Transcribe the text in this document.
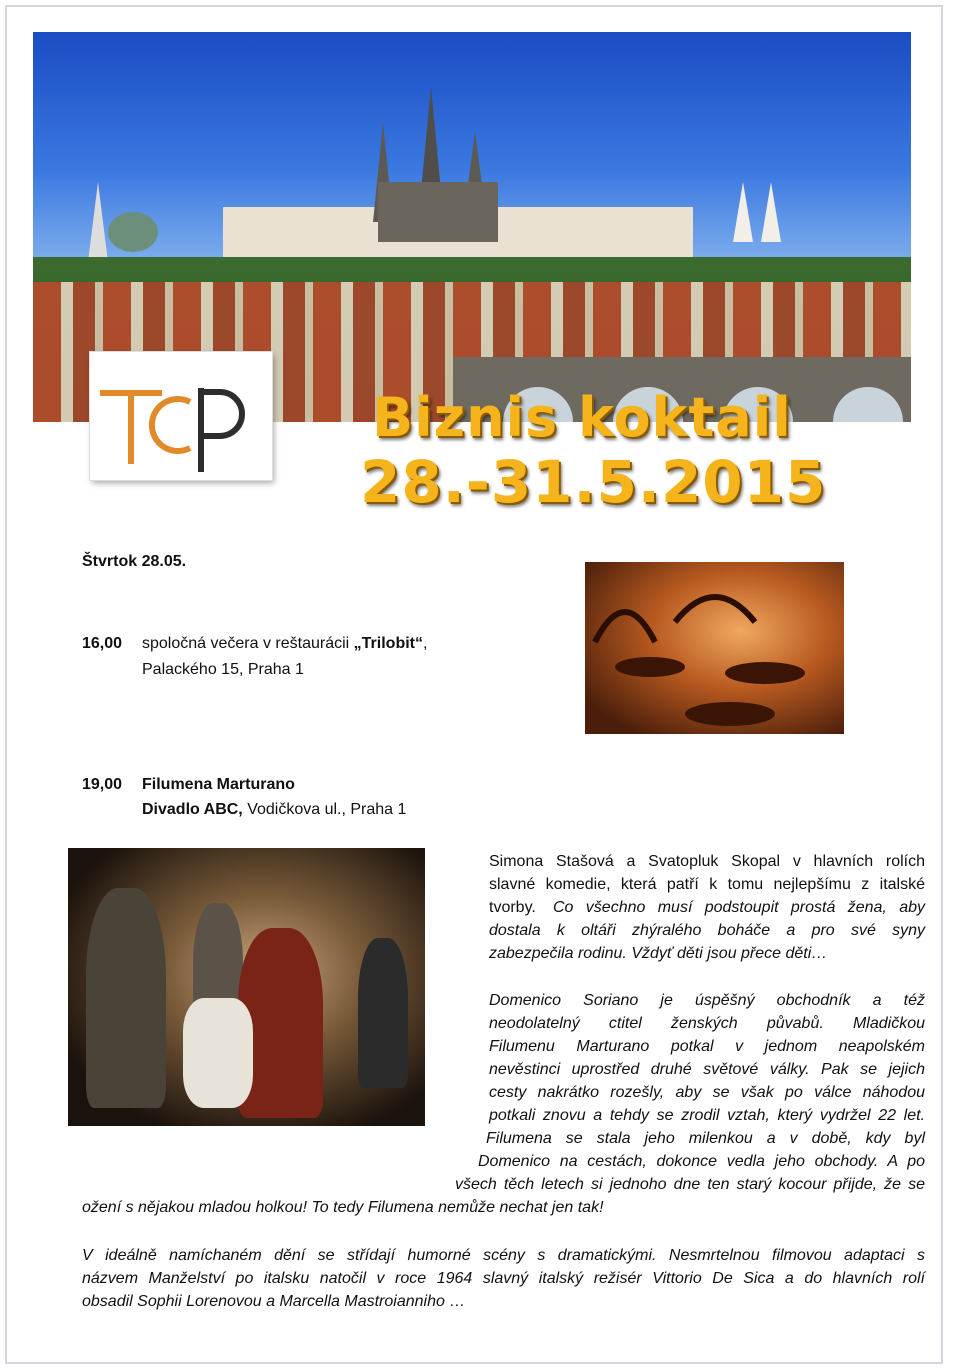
Biznis koktail
28.-31.5.2015
Štvrtok 28.05.
16,00 spoločná večera v reštaurácii „Trilobit“,
Palackého 15, Praha 1
19,00 Filumena Marturano
Divadlo ABC, Vodičkova ul., Praha 1
Simona Stašová a Svatopluk Skopal v hlavních rolích
slavné komedie, která patří k tomu nejlepšímu z italské
tvorby. Co všechno musí podstoupit prostá žena, aby
dostala k oltáři zhýralého boháče a pro své syny
zabezpečila rodinu. Vždyť děti jsou přece děti…
Domenico Soriano je úspěšný obchodník a též
neodolatelný ctitel ženských půvabů. Mladičkou
Filumenu Marturano potkal v jednom neapolském
nevěstinci uprostřed druhé světové války. Pak se jejich
cesty nakrátko rozešly, aby se však po válce náhodou
potkali znovu a tehdy se zrodil vztah, který vydržel 22 let.
Filumena se stala jeho milenkou a v době, kdy byl
Domenico na cestách, dokonce vedla jeho obchody. A po
všech těch letech si jednoho dne ten starý kocour přijde, že se
ožení s nějakou mladou holkou! To tedy Filumena nemůže nechat jen tak!
V ideálně namíchaném dění se střídají humorné scény s dramatickými. Nesmrtelnou filmovou adaptaci s
názvem Manželství po italsku natočil v roce 1964 slavný italský režisér Vittorio De Sica a do hlavních rolí
obsadil Sophii Lorenovou a Marcella Mastroianniho …
